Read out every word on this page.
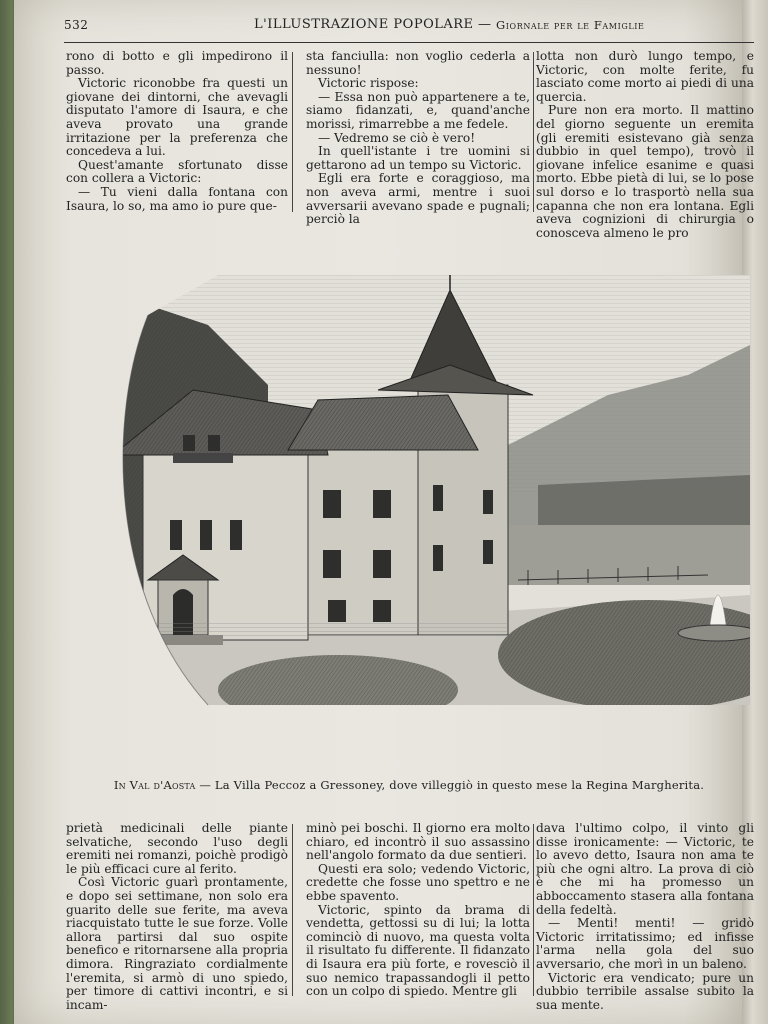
532	L'ILLUSTRAZIONE POPOLARE — Giornale per le Famiglie

rono di botto e gli impedirono il passo.

Victoric riconobbe fra questi un giovane dei dintorni, che avevagli disputato l'amore di Isaura, e che aveva provato una grande irritazione per la preferenza che concedeva a lui.

Quest'amante sfortunato disse con collera a Victoric:

— Tu vieni dalla fontana con Isaura, lo so, ma amo io pure que-

sta fanciulla: non voglio cederla a nessuno!

Victoric rispose:

— Essa non può appartenere a te, siamo fidanzati, e, quand'anche morissi, rimarrebbe a me fedele.

— Vedremo se ciò è vero!

In quell'istante i tre uomini si gettarono ad un tempo su Victoric.

Egli era forte e coraggioso, ma non aveva armi, mentre i suoi avversarii avevano spade e pugnali; perciò la

lotta non durò lungo tempo, e Victoric, con molte ferite, fu lasciato come morto ai piedi di una quercia.

Pure non era morto. Il mattino del giorno seguente un eremita (gli eremiti esistevano già senza dubbio in quel tempo), trovò il giovane infelice esanime e quasi morto. Ebbe pietà di lui, se lo pose sul dorso e lo trasportò nella sua capanna che non era lontana. Egli aveva cognizioni di chirurgia o conosceva almeno le pro

In Val d'Aosta — La Villa Peccoz a Gressoney, dove villeggiò in questo mese la Regina Margherita.

prietà medicinali delle piante selvatiche, secondo l'uso degli eremiti nei romanzi, poichè prodigò le più efficaci cure al ferito.

Così Victoric guarì prontamente, e dopo sei settimane, non solo era guarito delle sue ferite, ma aveva riacquistato tutte le sue forze. Volle allora partirsi dal suo ospite benefico e ritornarsene alla propria dimora. Ringraziato cordialmente l'eremita, si armò di uno spiedo, per timore di cattivi incontri, e si incam-

minò pei boschi. Il giorno era molto chiaro, ed incontrò il suo assassino nell'angolo formato da due sentieri.

Questi era solo; vedendo Victoric, credette che fosse uno spettro e ne ebbe spavento.

Victoric, spinto da brama di vendetta, gettossi su di lui; la lotta cominciò di nuovo, ma questa volta il risultato fu differente. Il fidanzato di Isaura era più forte, e rovesciò il suo nemico trapassandogli il petto con un colpo di spiedo. Mentre gli

dava l'ultimo colpo, il vinto gli disse ironicamente: — Victoric, te lo avevo detto, Isaura non ama te più che ogni altro. La prova di ciò è che mi ha promesso un abboccamento stasera alla fontana della fedeltà.

— Menti! menti! — gridò Victoric irritatissimo; ed infisse l'arma nella gola del suo avversario, che morì in un baleno.

Victoric era vendicato; pure un dubbio terribile assalse subito la sua mente.
